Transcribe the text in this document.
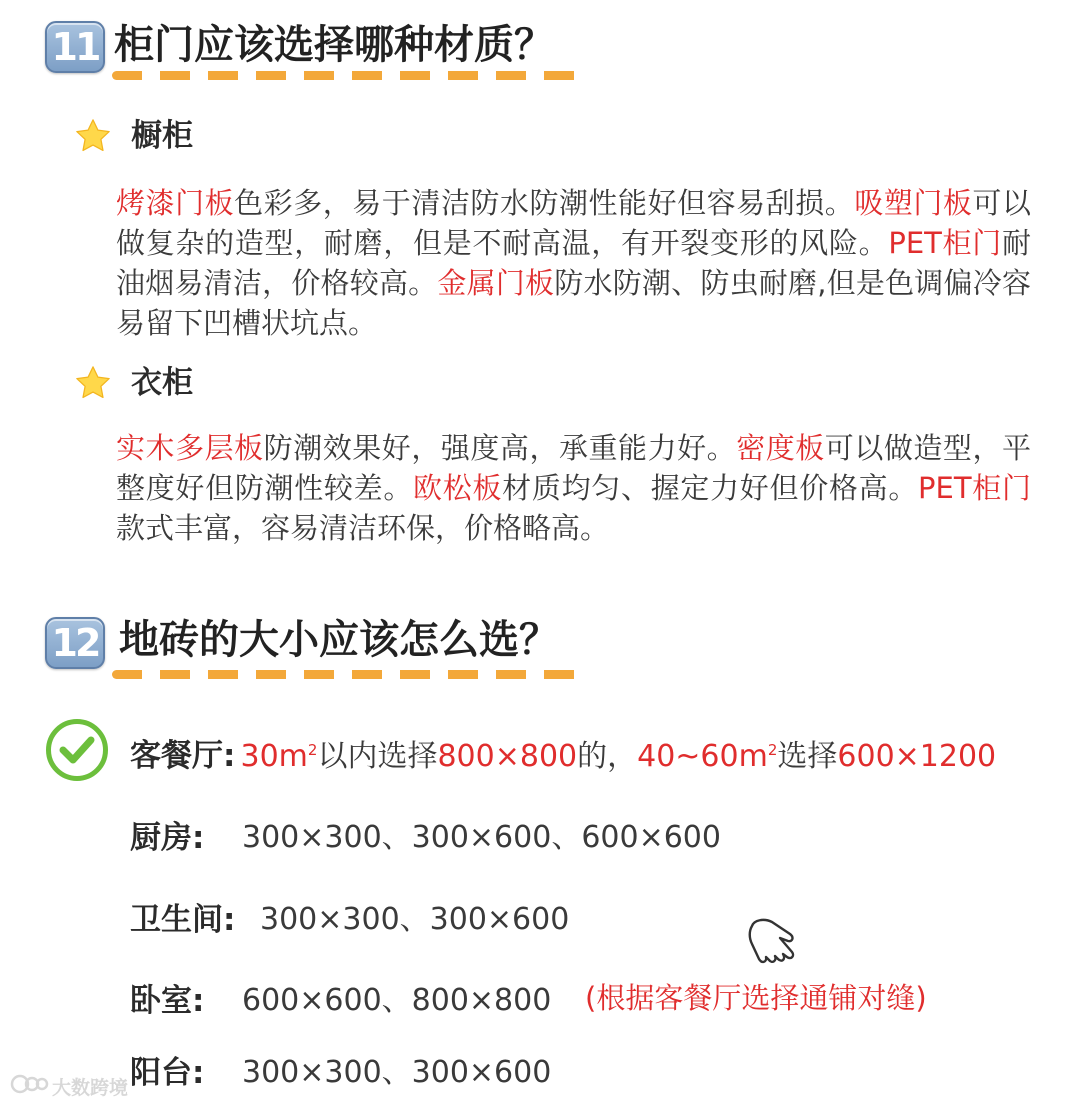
11 柜门应该选择哪种材质？
橱柜
烤漆门板色彩多，易于清洁防水防潮性能好但容易刮损。吸塑门板可以做复杂的造型，耐磨，但是不耐高温，有开裂变形的风险。PET柜门耐油烟易清洁，价格较高。金属门板防水防潮、防虫耐磨,但是色调偏冷容易留下凹槽状坑点。
衣柜
实木多层板防潮效果好，强度高，承重能力好。密度板可以做造型，平整度好但防潮性较差。欧松板材质均匀、握定力好但价格高。PET柜门款式丰富，容易清洁环保，价格略高。
12 地砖的大小应该怎么选？
客餐厅: $30m^2$以内选择800×800的，$40\sim 60m^2$选择600×1200
厨房: 300×300、300×600、600×600
卫生间: 300×300、300×600
卧室: 600×600、800×800 (根据客餐厅选择通铺对缝)
阳台: 300×300、300×600
大数跨境
